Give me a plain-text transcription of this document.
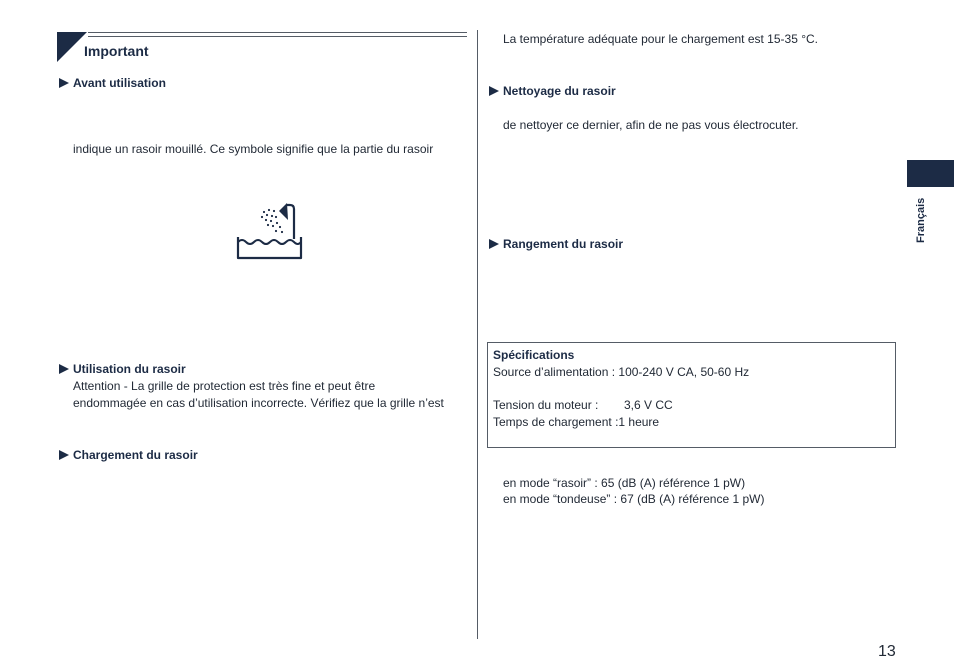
Important
Avant utilisation
indique un rasoir mouillé. Ce symbole signifie que la partie du rasoir
Utilisation du rasoir
Attention - La grille de protection est très fine et peut être
endommagée en cas d’utilisation incorrecte. Vérifiez que la grille n’est
Chargement du rasoir
La température adéquate pour le chargement est 15-35 °C.
Nettoyage du rasoir
de nettoyer ce dernier, afin de ne pas vous électrocuter.
Rangement du rasoir
Spécifications
Source d’alimentation : 100-240 V CA, 50-60 Hz
Tension du moteur : 3,6 V CC
Temps de chargement :1 heure
en mode “rasoir” : 65 (dB (A) référence 1 pW)
en mode “tondeuse” : 67 (dB (A) référence 1 pW)
Français
13
